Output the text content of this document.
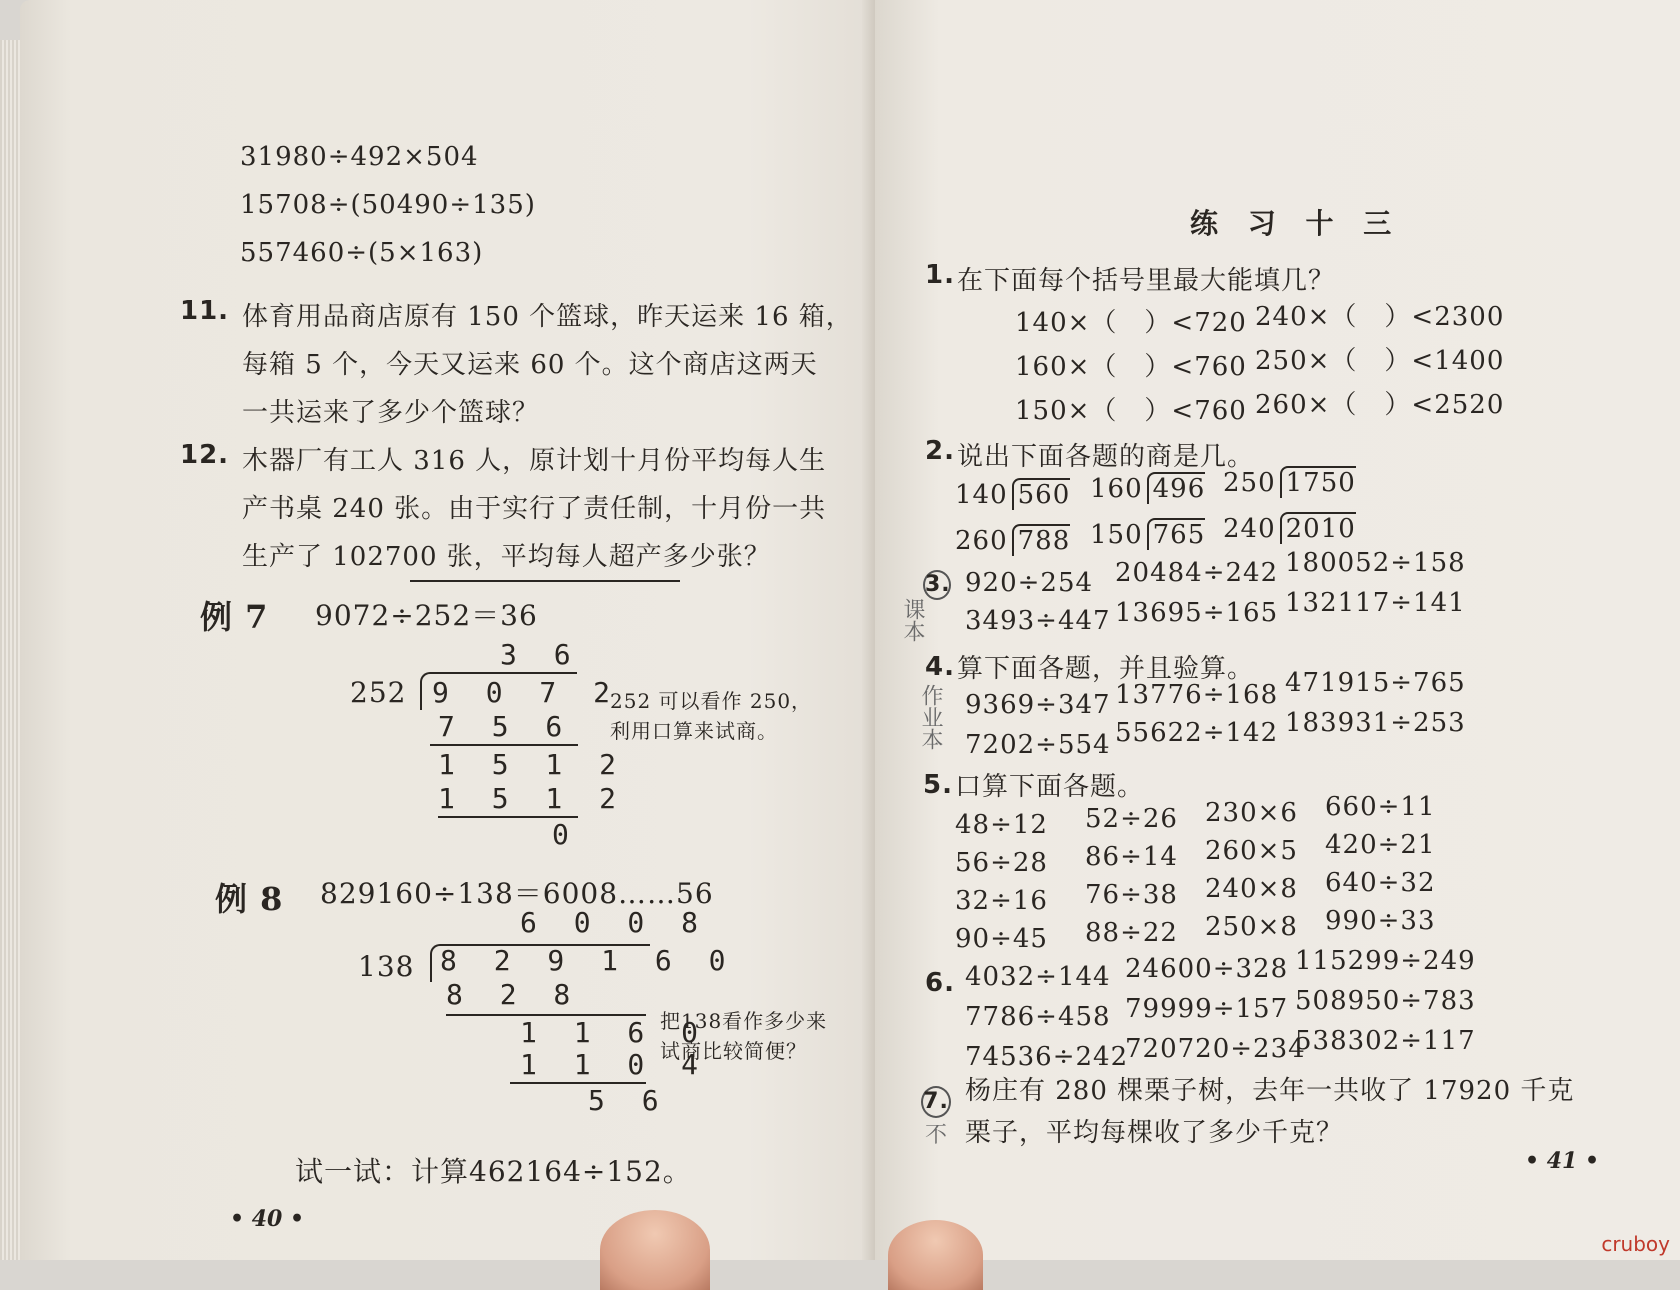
31980÷492×504
15708÷(50490÷135)
557460÷(5×163)
11. 体育用品商店原有 150 个篮球，昨天运来 16 箱，
每箱 5 个，今天又运来 60 个。这个商店这两天
一共运来了多少个篮球？
12. 木器厂有工人 316 人，原计划十月份平均每人生
产书桌 240 张。由于实行了责任制，十月份一共
生产了 102700 张，平均每人超产多少张？
例 7 9072÷252＝36
3 6
252 9 0 7 2
7 5 6
1 5 1 2
1 5 1 2
0
252 可以看作 250，
利用口算来试商。
例 8 829160÷138＝6008……56
6 0 0 8
138 8 2 9 1 6 0
8 2 8
1 1 6 0
1 1 0 4
5 6
把138看作多少来
试商比较简便？
试一试：计算462164÷152。
• 40 •
练 习 十 三
1. 在下面每个括号里最大能填几？
140×（　）<720 240×（　）<2300
160×（　）<760 250×（　）<1400
150×（　）<760 260×（　）<2520
2. 说出下面各题的商是几。
3. 920÷254 20484÷242 180052÷158
3493÷447 13695÷165 132117÷141
4. 算下面各题，并且验算。
9369÷347 13776÷168 471915÷765
7202÷554 55622÷142 183931÷253
5. 口算下面各题。
6.
7. 杨庄有 280 棵栗子树，去年一共收了 17920 千克
栗子，平均每棵收了多少千克？
• 41 •
课本
作业本
不
140 560 160 496 250 1750
260 788 150 765 240 2010
48÷12 52÷26 230×6 660÷11
56÷28 86÷14 260×5 420÷21
32÷16 76÷38 240×8 640÷32
90÷45 88÷22 250×8 990÷33
4032÷144 24600÷328 115299÷249
7786÷458 79999÷157 508950÷783
74536÷242
720720÷234
538302÷117
cruboy
